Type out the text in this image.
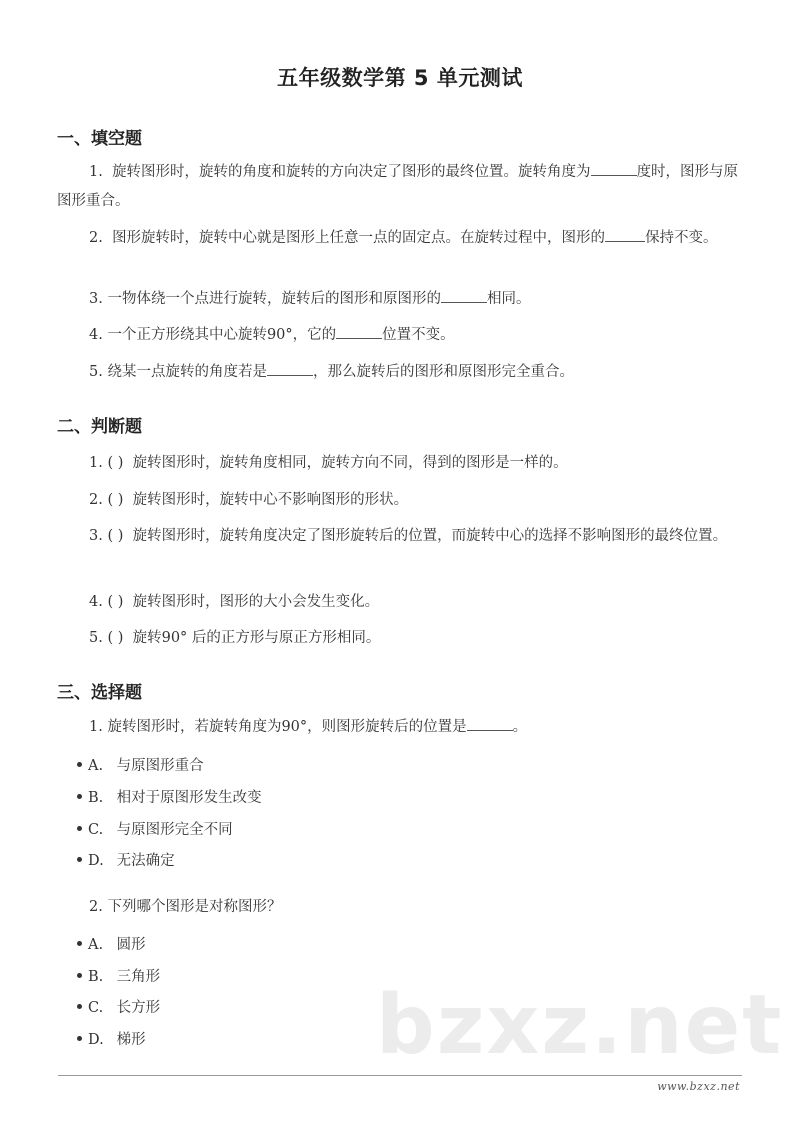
五年级数学第 5 单元测试
一、填空题
1. 旋转图形时，旋转的角度和旋转的方向决定了图形的最终位置。旋转角度为	度时，图形与原图形重合。
2. 图形旋转时，旋转中心就是图形上任意一点的固定点。在旋转过程中，图形的	保持不变。
3. 一物体绕一个点进行旋转，旋转后的图形和原图形的	相同。
4. 一个正方形绕其中心旋转90°，它的	位置不变。
5. 绕某一点旋转的角度若是	，那么旋转后的图形和原图形完全重合。
二、判断题
1. ( ) 旋转图形时，旋转角度相同，旋转方向不同，得到的图形是一样的。
2. ( ) 旋转图形时，旋转中心不影响图形的形状。
3. ( ) 旋转图形时，旋转角度决定了图形旋转后的位置，而旋转中心的选择不影响图形的最终位置。
4. ( ) 旋转图形时，图形的大小会发生变化。
5. ( ) 旋转90° 后的正方形与原正方形相同。
三、选择题
1. 旋转图形时，若旋转角度为90°，则图形旋转后的位置是	。
A. 与原图形重合
B. 相对于原图形发生改变
C. 与原图形完全不同
D. 无法确定
2. 下列哪个图形是对称图形？
A. 圆形
B. 三角形
C. 长方形
D. 梯形	bzxz.net
www.bzxz.net
